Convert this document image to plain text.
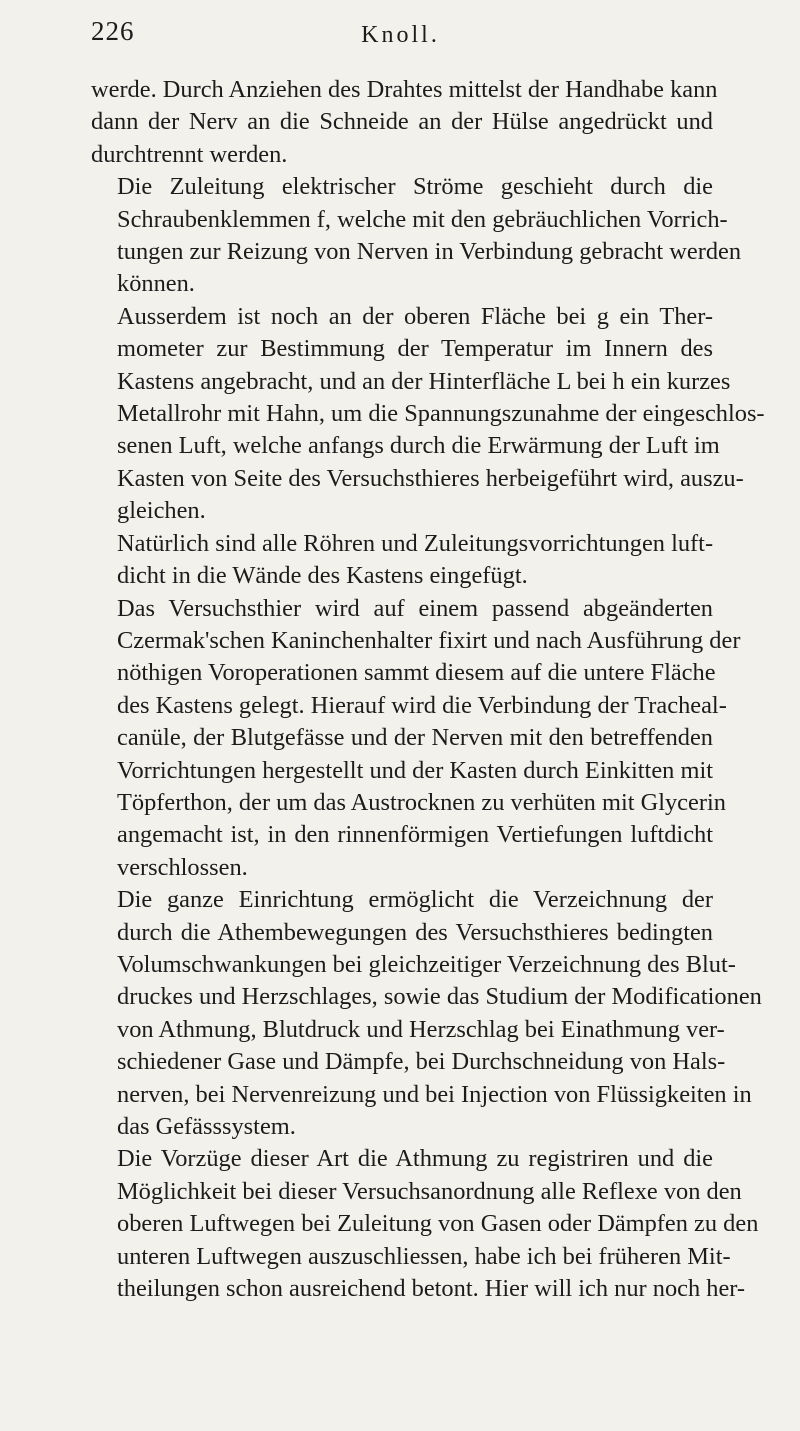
226	Knoll.

werde. Durch Anziehen des Drahtes mittelst der Handhabe kann
dann der Nerv an die Schneide an der Hülse angedrückt und
durchtrennt werden.

Die Zuleitung elektrischer Ströme geschieht durch die
Schraubenklemmen f, welche mit den gebräuchlichen Vorrich-
tungen zur Reizung von Nerven in Verbindung gebracht werden
können.

Ausserdem ist noch an der oberen Fläche bei g ein Ther-
mometer zur Bestimmung der Temperatur im Innern des
Kastens angebracht, und an der Hinterfläche L bei h ein kurzes
Metallrohr mit Hahn, um die Spannungszunahme der eingeschlos-
senen Luft, welche anfangs durch die Erwärmung der Luft im
Kasten von Seite des Versuchsthieres herbeigeführt wird, auszu-
gleichen.

Natürlich sind alle Röhren und Zuleitungsvorrichtungen luft-
dicht in die Wände des Kastens eingefügt.

Das Versuchsthier wird auf einem passend abgeänderten
Czermak'schen Kaninchenhalter fixirt und nach Ausführung der
nöthigen Voroperationen sammt diesem auf die untere Fläche
des Kastens gelegt. Hierauf wird die Verbindung der Tracheal-
canüle, der Blutgefässe und der Nerven mit den betreffenden
Vorrichtungen hergestellt und der Kasten durch Einkitten mit
Töpferthon, der um das Austrocknen zu verhüten mit Glycerin
angemacht ist, in den rinnenförmigen Vertiefungen luftdicht
verschlossen.

Die ganze Einrichtung ermöglicht die Verzeichnung der
durch die Athembewegungen des Versuchsthieres bedingten
Volumschwankungen bei gleichzeitiger Verzeichnung des Blut-
druckes und Herzschlages, sowie das Studium der Modificationen
von Athmung, Blutdruck und Herzschlag bei Einathmung ver-
schiedener Gase und Dämpfe, bei Durchschneidung von Hals-
nerven, bei Nervenreizung und bei Injection von Flüssigkeiten in
das Gefässsystem.

Die Vorzüge dieser Art die Athmung zu registriren und die
Möglichkeit bei dieser Versuchsanordnung alle Reflexe von den
oberen Luftwegen bei Zuleitung von Gasen oder Dämpfen zu den
unteren Luftwegen auszuschliessen, habe ich bei früheren Mit-
theilungen schon ausreichend betont. Hier will ich nur noch her-
